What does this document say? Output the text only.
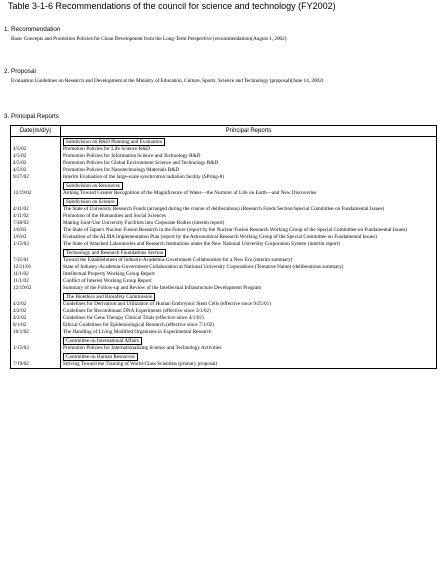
Table 3-1-6 Recommendations of the council for science and technology (FY2002)
1. Recommendation
Basic Concepts and Promotion Policies for Clean Development from the Long-Term Perspective (recommendation)(August 1, 2002)
2. Proposal
Evaluation Guidelines on Research and Development at the Ministry of Education, Culture, Sports, Science and Technology (proposal)(June 14, 2002)
3. Principal Reports
Date(m/d/y)	Principal Reports
	Subdivision on R&D Planning and Evaluation
4/5/02	Promotion Policies for Life Science R&D
4/5/02	Promotion Policies for Information Science and Technology R&D
4/5/02	Promotion Policies for Global Environment Science and Technology R&D
4/5/02	Promotion Policies for Nanotechnology/Materials R&D
9/27/02	Interim Evaluation of the large-scale synchrotron radiation facility (SPring-8)
	Subdivision on Resources
12/19/02	Aiming Toward Greater Recognition of the Magnificence of Water—the Nurturer of Life on Earth—and New Discoveries
	Subdivision on Science
4/11/02	The State of University Research Funds (arranged during the course of deliberations) (Research Funds Section/Special Committee on Fundamental Issues)
4/11/02	Promotion of the Humanities and Social Sciences
7/30/02	Making Joint-Use University Facilities into Corporate Bodies (interim report)
1/6/03	The State of Japan's Nuclear Fusion Research in the Future (report by the Nuclear Fusion Research Working Group of the Special Committee on Fundamental Issues)
1/6/03	Evaluation of the ALMA Implementation Plan (report by the Astronomical Research Working Group of the Special Committee on Fundamental Issues)
1/15/03	The State of Attached Laboratories and Research Institutions under the New National University Corporation System (interim report)
	Technology and Research Foundations Section
7/31/01	Toward the Establishment of Industry-Academia-Government Collaboration for a New Era (interim summary)
12/11/01	State of Industry-Academia-Government Collaboration at National University Corporations (Tentative Name) (deliberations summary)
11/1/02	Intellectual Property Working Group Report
11/1/02	Conflict of Interest Working Group Report
12/19/02	Summary of the Follow-up and Review of the Intellectual Infrastructure Development Program
	The Bioethics and Biosafety Commission
4/2/02	Guidelines for Derivation and Utilization of Human Embryonic Stem Cells (effective since 9/25/01)
4/2/02	Guidelines for Recombinant DNA Experiments (effective since 3/1/02)
4/2/02	Guidelines for Gene Therapy Clinical Trials (effective since 4/1/02)
8/1/02	Ethical Guidelines for Epidemiological Research (effective since 7/1/02)
10/1/02	The Handling of Living Modified Organisms in Experimental Research
	Committee on International Affairs
1/15/03	Promotion Policies for Internationalizing Science and Technology Activities
	Committee on Human Resources
7/19/02	Striving Toward the Training of World-Class Scientists (primary proposal)
